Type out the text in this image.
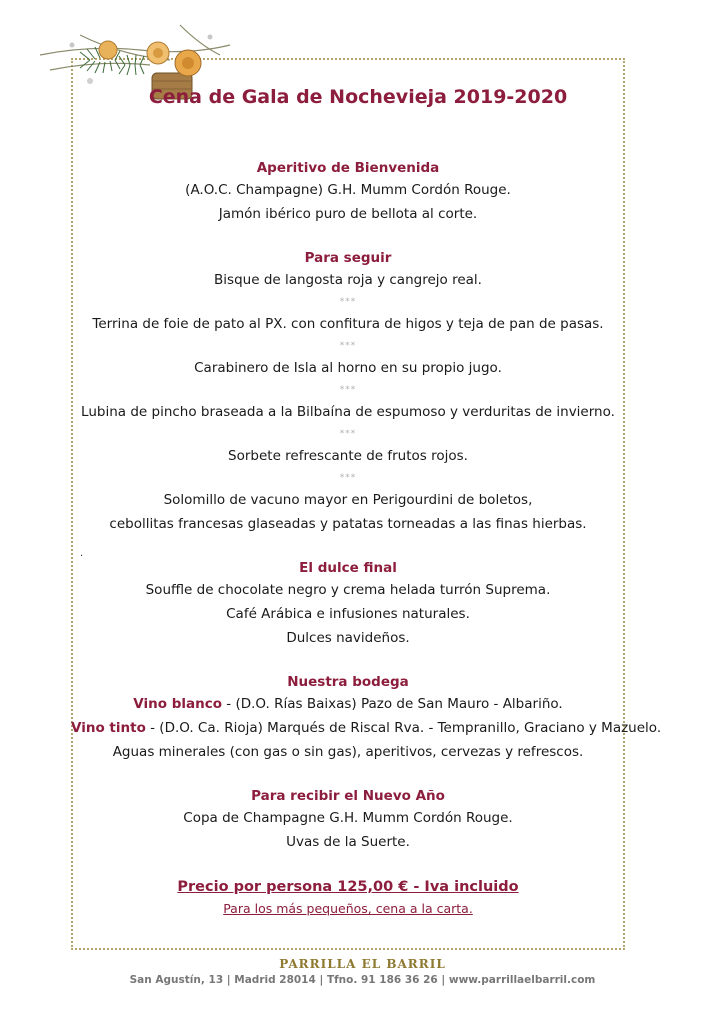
Cena de Gala de Nochevieja 2019-2020
Aperitivo de Bienvenida
(A.O.C. Champagne) G.H. Mumm Cordón Rouge.
Jamón ibérico puro de bellota al corte.
Para seguir
Bisque de langosta roja y cangrejo real.
***
Terrina de foie de pato al PX. con confitura de higos y teja de pan de pasas.
***
Carabinero de Isla al horno en su propio jugo.
***
Lubina de pincho braseada a la Bilbaína de espumoso y verduritas de invierno.
***
Sorbete refrescante de frutos rojos.
***
Solomillo de vacuno mayor en Perigourdini de boletos,
cebollitas francesas glaseadas y patatas torneadas a las finas hierbas.
El dulce final
Souffle de chocolate negro y crema helada turrón Suprema.
Café Arábica e infusiones naturales.
Dulces navideños.
Nuestra bodega
Vino blanco - (D.O. Rías Baixas) Pazo de San Mauro - Albariño.
Vino tinto - (D.O. Ca. Rioja) Marqués de Riscal Rva. - Tempranillo, Graciano y Mazuelo.
Aguas minerales (con gas o sin gas), aperitivos, cervezas y refrescos.
Para recibir el Nuevo Año
Copa de Champagne G.H. Mumm Cordón Rouge.
Uvas de la Suerte.
Precio por persona 125,00 € - Iva incluido
Para los más pequeños, cena a la carta.
.
PARRILLA EL BARRIL
San Agustín, 13 | Madrid 28014 | Tfno. 91 186 36 26 | www.parrillaelbarril.com
